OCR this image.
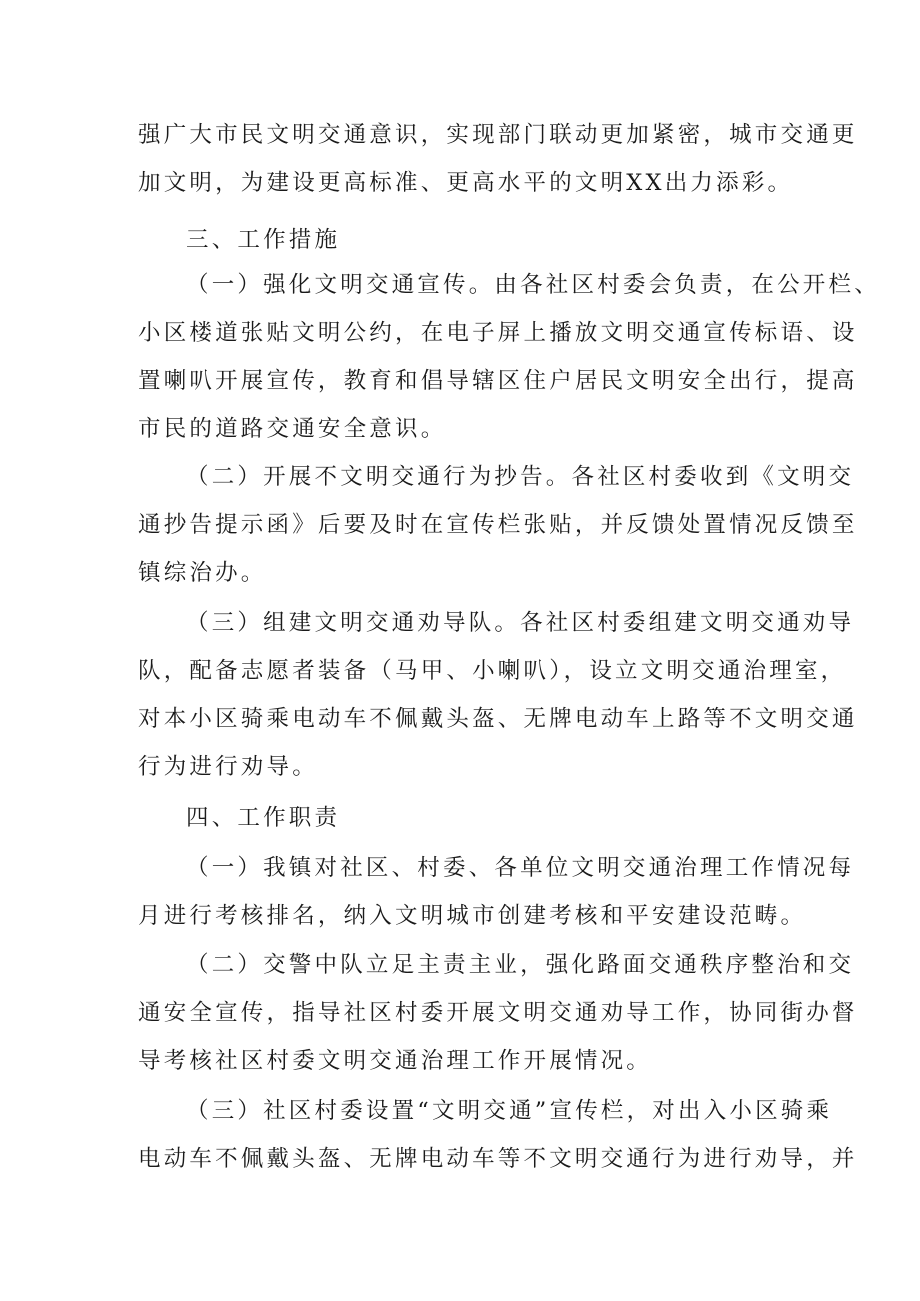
强广大市民文明交通意识，实现部门联动更加紧密，城市交通更
加文明，为建设更高标准、更高水平的文明XX出力添彩。
三、工作措施
（一）强化文明交通宣传。由各社区村委会负责，在公开栏、
小区楼道张贴文明公约，在电子屏上播放文明交通宣传标语、设
置喇叭开展宣传，教育和倡导辖区住户居民文明安全出行，提高
市民的道路交通安全意识。
（二）开展不文明交通行为抄告。各社区村委收到《文明交
通抄告提示函》后要及时在宣传栏张贴，并反馈处置情况反馈至
镇综治办。
（三）组建文明交通劝导队。各社区村委组建文明交通劝导
队，配备志愿者装备（马甲、小喇叭），设立文明交通治理室，
对本小区骑乘电动车不佩戴头盔、无牌电动车上路等不文明交通
行为进行劝导。
四、工作职责
（一）我镇对社区、村委、各单位文明交通治理工作情况每
月进行考核排名，纳入文明城市创建考核和平安建设范畴。
（二）交警中队立足主责主业，强化路面交通秩序整治和交
通安全宣传，指导社区村委开展文明交通劝导工作，协同街办督
导考核社区村委文明交通治理工作开展情况。
（三）社区村委设置“文明交通”宣传栏，对出入小区骑乘
电动车不佩戴头盔、无牌电动车等不文明交通行为进行劝导，并
